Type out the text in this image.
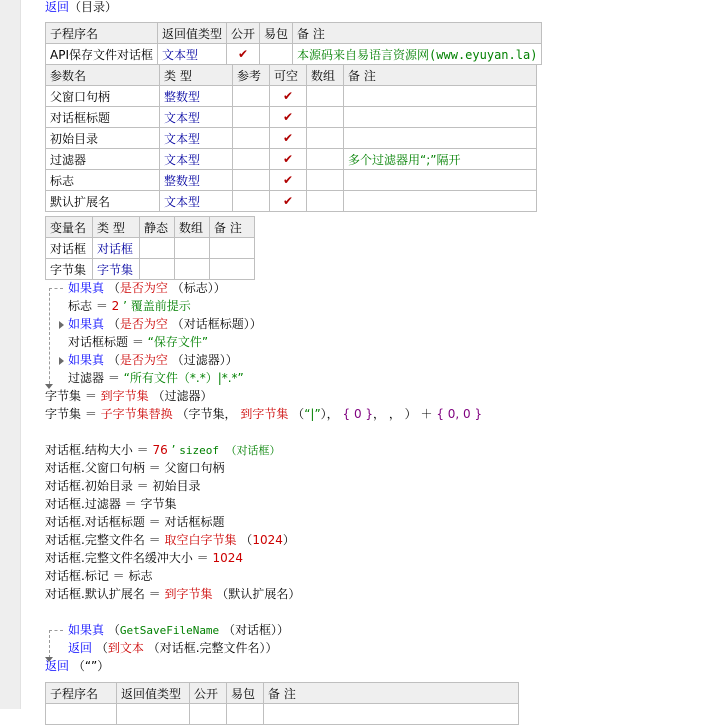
返回（目录）
子程序名	返回值类型	公开	易包	备 注
API保存文件对话框	文本型	✔		本源码来自易语言资源网(www.eyuyan.la)
参数名	类 型	参考	可空	数组	备 注
父窗口句柄	整数型		✔		
对话框标题	文本型		✔		
初始目录	文本型		✔		
过滤器	文本型		✔		多个过滤器用“;”隔开
标志	整数型		✔		
默认扩展名	文本型		✔		
变量名	类 型	静态	数组	备 注
对话框	对话框			
字节集	字节集			
如果真 （是否为空 （标志））
标志 ＝ 2 ’ 覆盖前提示
如果真 （是否为空 （对话框标题））
对话框标题 ＝ “保存文件”
如果真 （是否为空 （过滤器））
过滤器 ＝ “所有文件（*.*）|*.*”
字节集 ＝ 到字节集 （过滤器）
字节集 ＝ 子字节集替换 （字节集， 到字节集 （“|”）， { 0 }， ， ） ＋ { 0, 0 }
对话框.结构大小 ＝ 76 ’ sizeof （对话框）
对话框.父窗口句柄 ＝ 父窗口句柄
对话框.初始目录 ＝ 初始目录
对话框.过滤器 ＝ 字节集
对话框.对话框标题 ＝ 对话框标题
对话框.完整文件名 ＝ 取空白字节集 （1024）
对话框.完整文件名缓冲大小 ＝ 1024
对话框.标记 ＝ 标志
对话框.默认扩展名 ＝ 到字节集 （默认扩展名）
如果真 （GetSaveFileName （对话框））
返回 （到文本 （对话框.完整文件名））
返回 （“”）
子程序名	返回值类型	公开	易包	备 注
